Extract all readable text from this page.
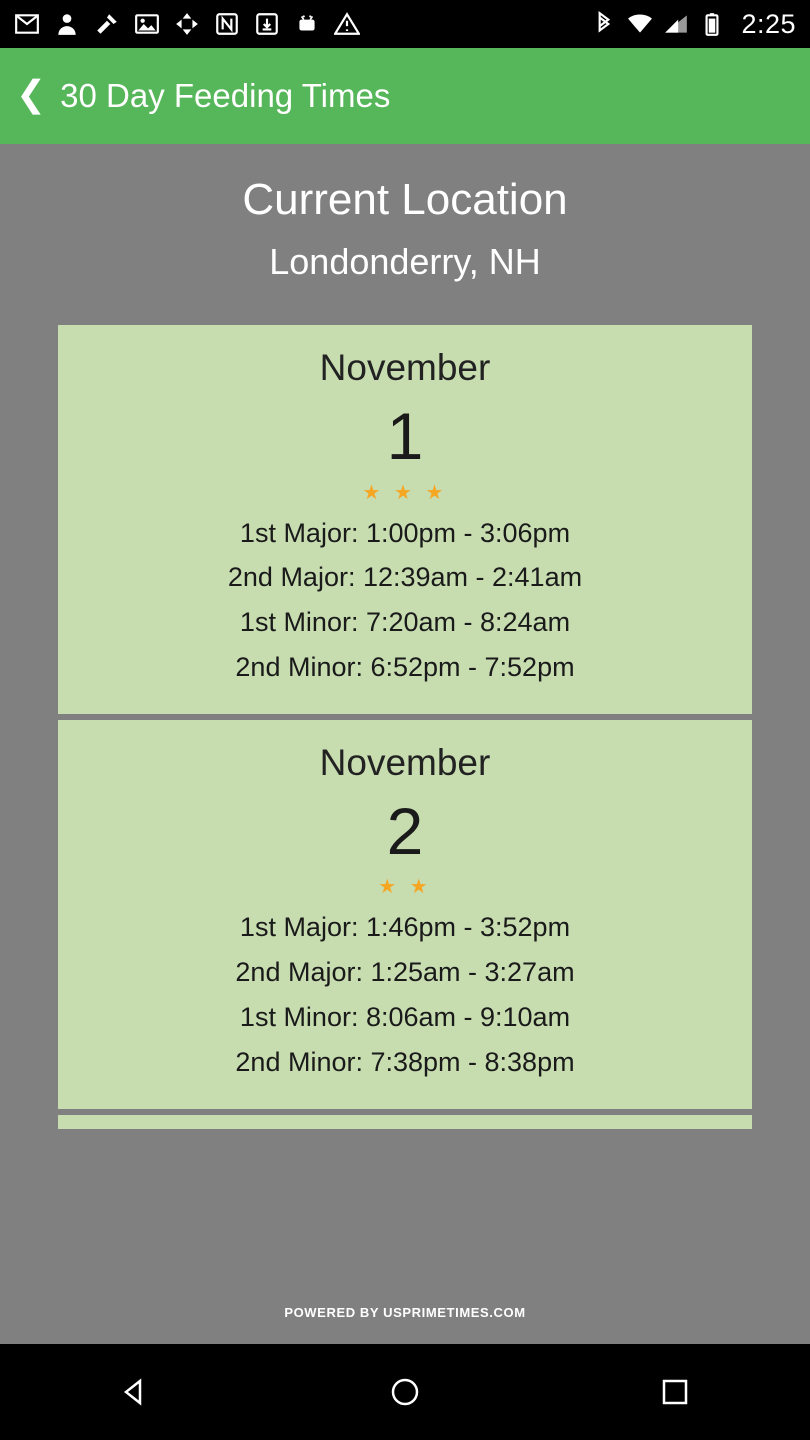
2:25
❮ 30 Day Feeding Times
Current Location
Londonderry, NH
November
1
★ ★ ★
1st Major: 1:00pm - 3:06pm
2nd Major: 12:39am - 2:41am
1st Minor: 7:20am - 8:24am
2nd Minor: 6:52pm - 7:52pm
November
2
★ ★
1st Major: 1:46pm - 3:52pm
2nd Major: 1:25am - 3:27am
1st Minor: 8:06am - 9:10am
2nd Minor: 7:38pm - 8:38pm
POWERED BY USPRIMETIMES.COM
